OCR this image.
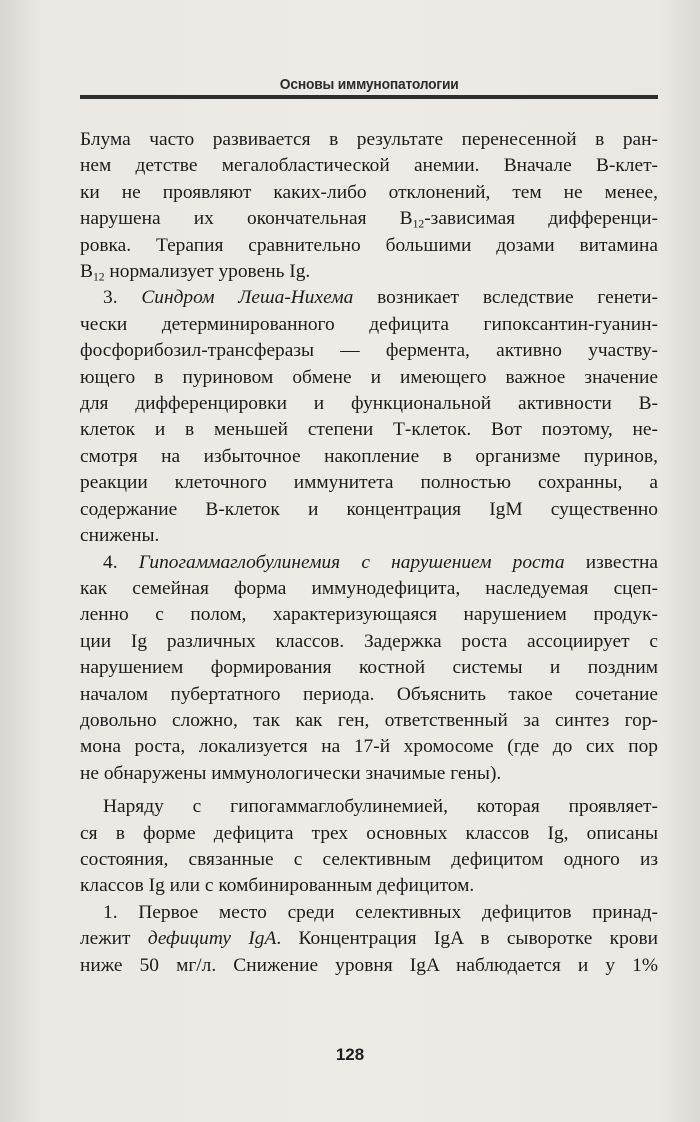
Основы иммунопатологии
Блума часто развивается в результате перенесенной в ран-
нем детстве мегалобластической анемии. Вначале В-клет-
ки не проявляют каких-либо отклонений, тем не менее,
нарушена их окончательная $В_{12}$-зависимая дифференци-
ровка. Терапия сравнительно большими дозами витамина
$В_{12}$ нормализует уровень Ig.
3. Синдром Леша-Нихема возникает вследствие генети-
чески детерминированного дефицита гипоксантин-гуанин-
фосфорибозил-трансферазы — фермента, активно участву-
ющего в пуриновом обмене и имеющего важное значение
для дифференцировки и функциональной активности В-
клеток и в меньшей степени Т-клеток. Вот поэтому, не-
смотря на избыточное накопление в организме пуринов,
реакции клеточного иммунитета полностью сохранны, а
содержание В-клеток и концентрация IgM существенно
снижены.
4. Гипогаммаглобулинемия с нарушением роста известна
как семейная форма иммунодефицита, наследуемая сцеп-
ленно с полом, характеризующаяся нарушением продук-
ции Ig различных классов. Задержка роста ассоциирует с
нарушением формирования костной системы и поздним
началом пубертатного периода. Объяснить такое сочетание
довольно сложно, так как ген, ответственный за синтез гор-
мона роста, локализуется на 17-й хромосоме (где до сих пор
не обнаружены иммунологически значимые гены).
Наряду с гипогаммаглобулинемией, которая проявляет-
ся в форме дефицита трех основных классов Ig, описаны
состояния, связанные с селективным дефицитом одного из
классов Ig или с комбинированным дефицитом.
1. Первое место среди селективных дефицитов принад-
лежит дефициту IgA. Концентрация IgA в сыворотке крови
ниже 50 мг/л. Снижение уровня IgA наблюдается и у 1%
128
